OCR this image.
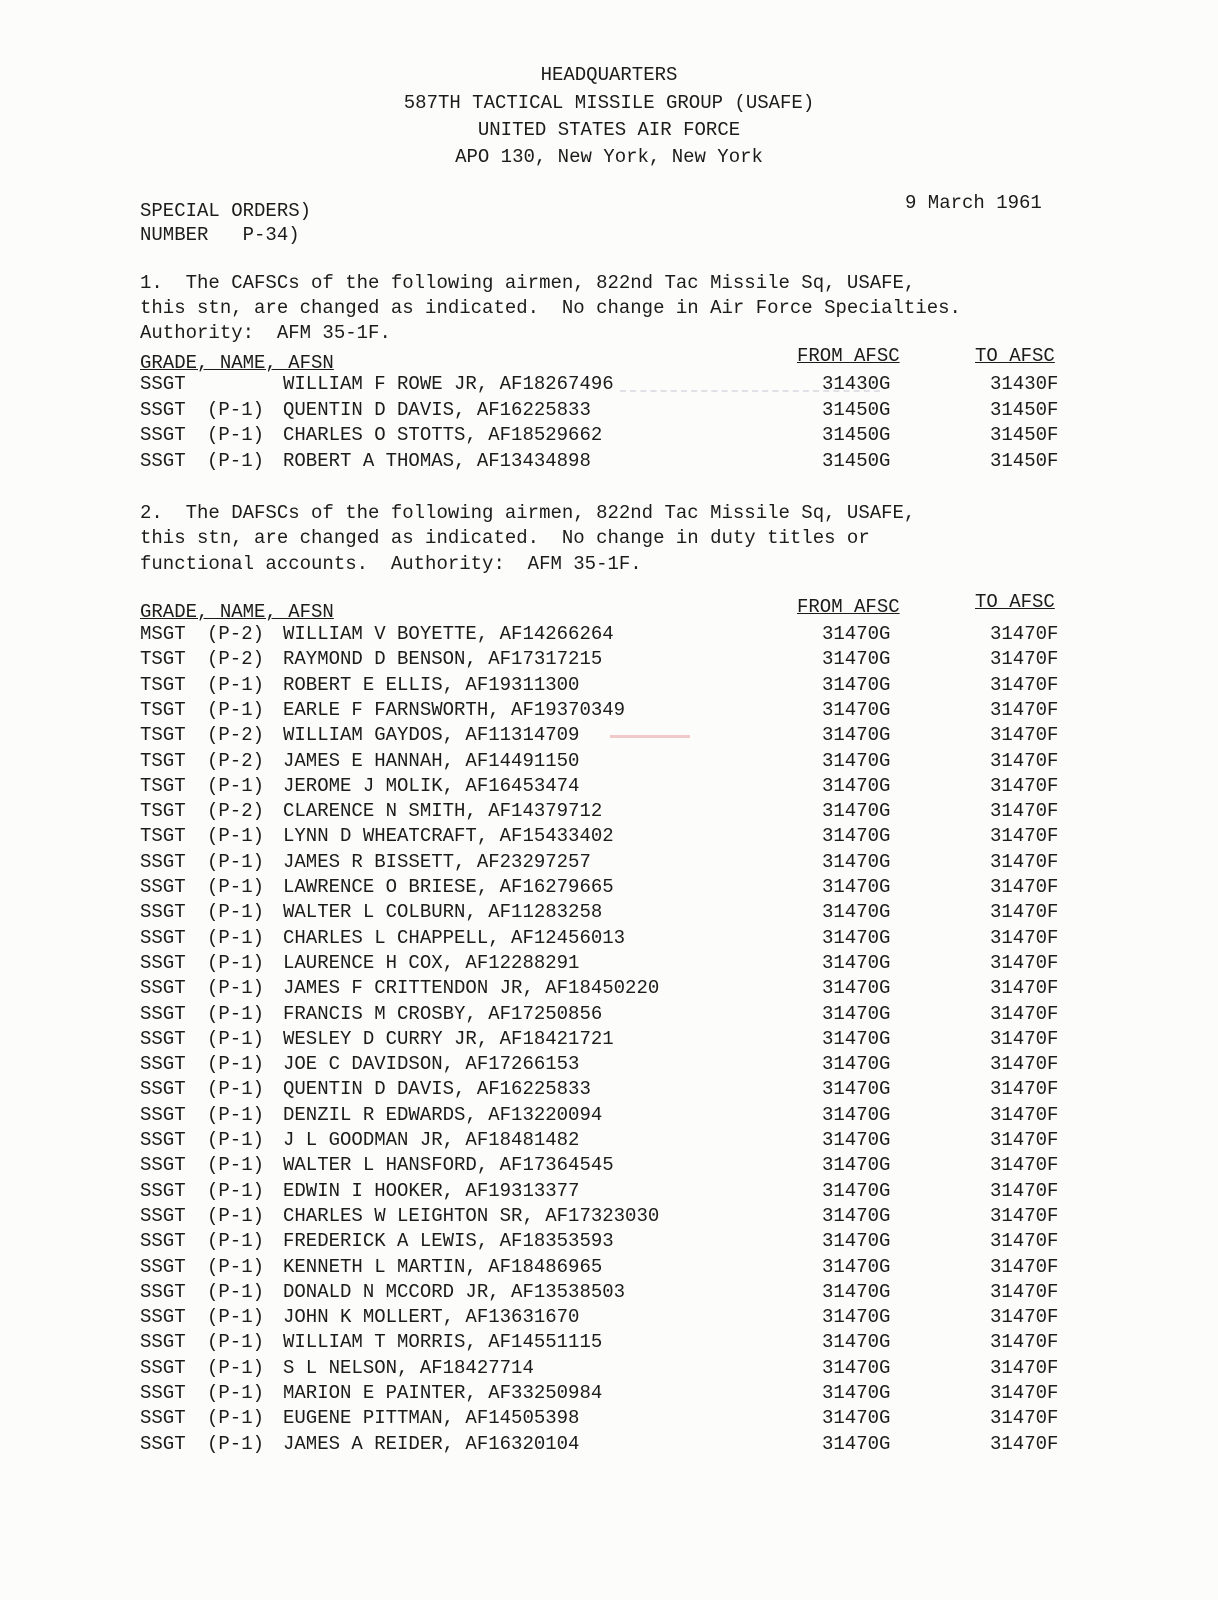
HEADQUARTERS
587TH TACTICAL MISSILE GROUP (USAFE)
UNITED STATES AIR FORCE
APO 130, New York, New York
SPECIAL ORDERS)
NUMBER   P-34)
9 March 1961
1.  The CAFSCs of the following airmen, 822nd Tac Missile Sq, USAFE,
this stn, are changed as indicated.  No change in Air Force Specialties.
Authority:  AFM 35-1F.
GRADE, NAME, AFSN	FROM AFSC	TO AFSC
SSGT	WILLIAM F ROWE JR, AF18267496	31430G	31430F
SSGT (P-1) QUENTIN D DAVIS, AF16225833	31450G	31450F
SSGT (P-1) CHARLES O STOTTS, AF18529662	31450G	31450F
SSGT (P-1) ROBERT A THOMAS, AF13434898	31450G	31450F
2.  The DAFSCs of the following airmen, 822nd Tac Missile Sq, USAFE,
this stn, are changed as indicated.  No change in duty titles or
functional accounts.  Authority:  AFM 35-1F.
GRADE, NAME, AFSN	FROM AFSC	TO AFSC
MSGT (P-2) WILLIAM V BOYETTE, AF14266264	31470G	31470F
TSGT (P-2) RAYMOND D BENSON, AF17317215	31470G	31470F
TSGT (P-1) ROBERT E ELLIS, AF19311300	31470G	31470F
TSGT (P-1) EARLE F FARNSWORTH, AF19370349	31470G	31470F
TSGT (P-2) WILLIAM GAYDOS, AF11314709	31470G	31470F
TSGT (P-2) JAMES E HANNAH, AF14491150	31470G	31470F
TSGT (P-1) JEROME J MOLIK, AF16453474	31470G	31470F
TSGT (P-2) CLARENCE N SMITH, AF14379712	31470G	31470F
TSGT (P-1) LYNN D WHEATCRAFT, AF15433402	31470G	31470F
SSGT (P-1) JAMES R BISSETT, AF23297257	31470G	31470F
SSGT (P-1) LAWRENCE O BRIESE, AF16279665	31470G	31470F
SSGT (P-1) WALTER L COLBURN, AF11283258	31470G	31470F
SSGT (P-1) CHARLES L CHAPPELL, AF12456013	31470G	31470F
SSGT (P-1) LAURENCE H COX, AF12288291	31470G	31470F
SSGT (P-1) JAMES F CRITTENDON JR, AF18450220	31470G	31470F
SSGT (P-1) FRANCIS M CROSBY, AF17250856	31470G	31470F
SSGT (P-1) WESLEY D CURRY JR, AF18421721	31470G	31470F
SSGT (P-1) JOE C DAVIDSON, AF17266153	31470G	31470F
SSGT (P-1) QUENTIN D DAVIS, AF16225833	31470G	31470F
SSGT (P-1) DENZIL R EDWARDS, AF13220094	31470G	31470F
SSGT (P-1) J L GOODMAN JR, AF18481482	31470G	31470F
SSGT (P-1) WALTER L HANSFORD, AF17364545	31470G	31470F
SSGT (P-1) EDWIN I HOOKER, AF19313377	31470G	31470F
SSGT (P-1) CHARLES W LEIGHTON SR, AF17323030	31470G	31470F
SSGT (P-1) FREDERICK A LEWIS, AF18353593	31470G	31470F
SSGT (P-1) KENNETH L MARTIN, AF18486965	31470G	31470F
SSGT (P-1) DONALD N MCCORD JR, AF13538503	31470G	31470F
SSGT (P-1) JOHN K MOLLERT, AF13631670	31470G	31470F
SSGT (P-1) WILLIAM T MORRIS, AF14551115	31470G	31470F
SSGT (P-1) S L NELSON, AF18427714	31470G	31470F
SSGT (P-1) MARION E PAINTER, AF33250984	31470G	31470F
SSGT (P-1) EUGENE PITTMAN, AF14505398	31470G	31470F
SSGT (P-1) JAMES A REIDER, AF16320104	31470G	31470F
